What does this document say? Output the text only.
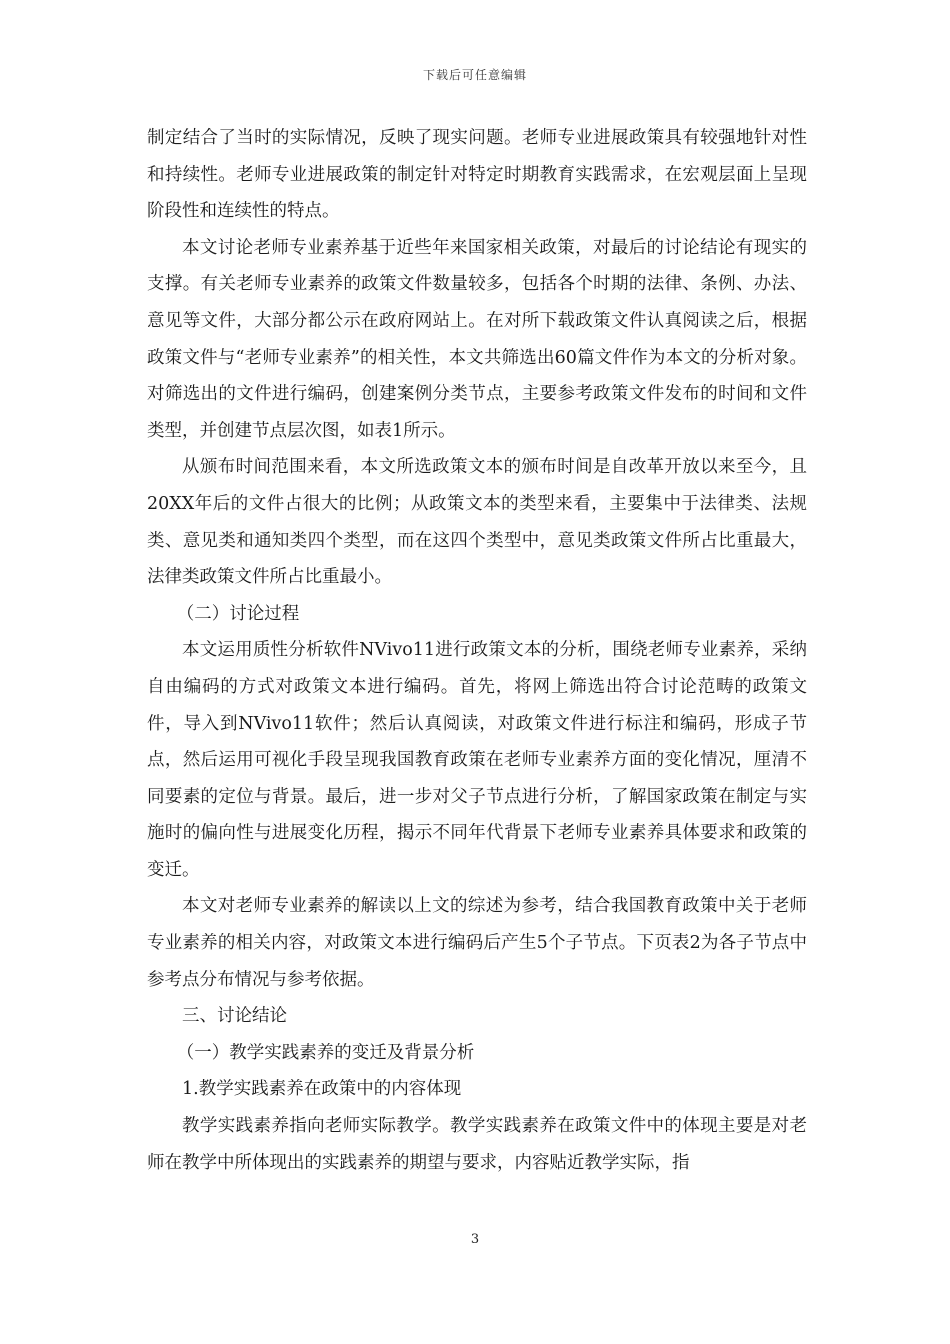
下载后可任意编辑

制定结合了当时的实际情况，反映了现实问题。老师专业进展政策具有较强地针对性和持续性。老师专业进展政策的制定针对特定时期教育实践需求，在宏观层面上呈现阶段性和连续性的特点。

本文讨论老师专业素养基于近些年来国家相关政策，对最后的讨论结论有现实的支撑。有关老师专业素养的政策文件数量较多，包括各个时期的法律、条例、办法、意见等文件，大部分都公示在政府网站上。在对所下载政策文件认真阅读之后，根据政策文件与“老师专业素养”的相关性，本文共筛选出60篇文件作为本文的分析对象。对筛选出的文件进行编码，创建案例分类节点，主要参考政策文件发布的时间和文件类型，并创建节点层次图，如表1所示。

从颁布时间范围来看，本文所选政策文本的颁布时间是自改革开放以来至今，且20XX年后的文件占很大的比例；从政策文本的类型来看，主要集中于法律类、法规类、意见类和通知类四个类型，而在这四个类型中，意见类政策文件所占比重最大，法律类政策文件所占比重最小。

（二）讨论过程

本文运用质性分析软件NVivo11进行政策文本的分析，围绕老师专业素养，采纳自由编码的方式对政策文本进行编码。首先，将网上筛选出符合讨论范畴的政策文件，导入到NVivo11软件；然后认真阅读，对政策文件进行标注和编码，形成子节点，然后运用可视化手段呈现我国教育政策在老师专业素养方面的变化情况，厘清不同要素的定位与背景。最后，进一步对父子节点进行分析，了解国家政策在制定与实施时的偏向性与进展变化历程，揭示不同年代背景下老师专业素养具体要求和政策的变迁。

本文对老师专业素养的解读以上文的综述为参考，结合我国教育政策中关于老师专业素养的相关内容，对政策文本进行编码后产生5个子节点。下页表2为各子节点中参考点分布情况与参考依据。

三、讨论结论

（一）教学实践素养的变迁及背景分析

1.教学实践素养在政策中的内容体现

教学实践素养指向老师实际教学。教学实践素养在政策文件中的体现主要是对老师在教学中所体现出的实践素养的期望与要求，内容贴近教学实际，指

3
